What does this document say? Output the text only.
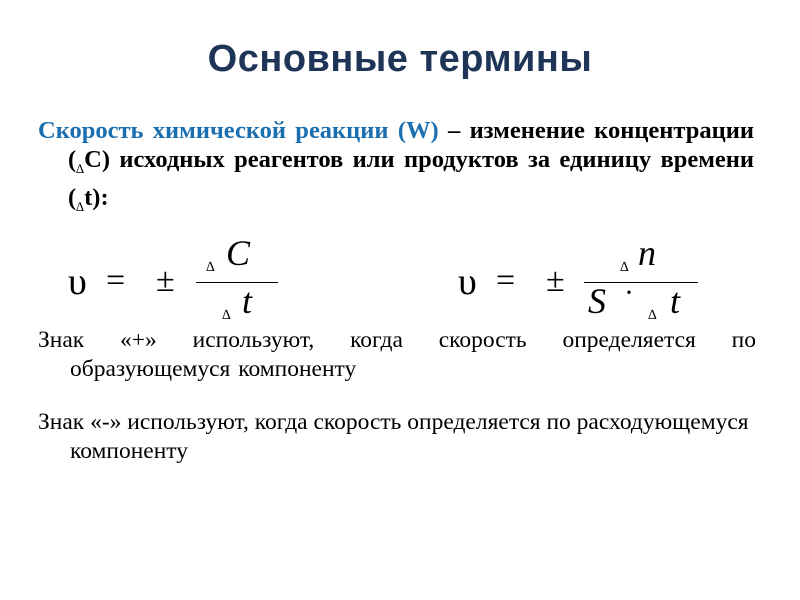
Основные термины
Скорость химической реакции (W) – изменение концентрации $(_\Delta C)$ исходных реагентов или продуктов за единицу времени $(_\Delta t)$:
υ = ± ∆ C
t
∆
υ = ±	∆ n
S ·
∆ t
Знак «+» используют, когда скорость определяется по образующемуся компоненту
Знак «-» используют, когда скорость определяется по расходующемуся компоненту
